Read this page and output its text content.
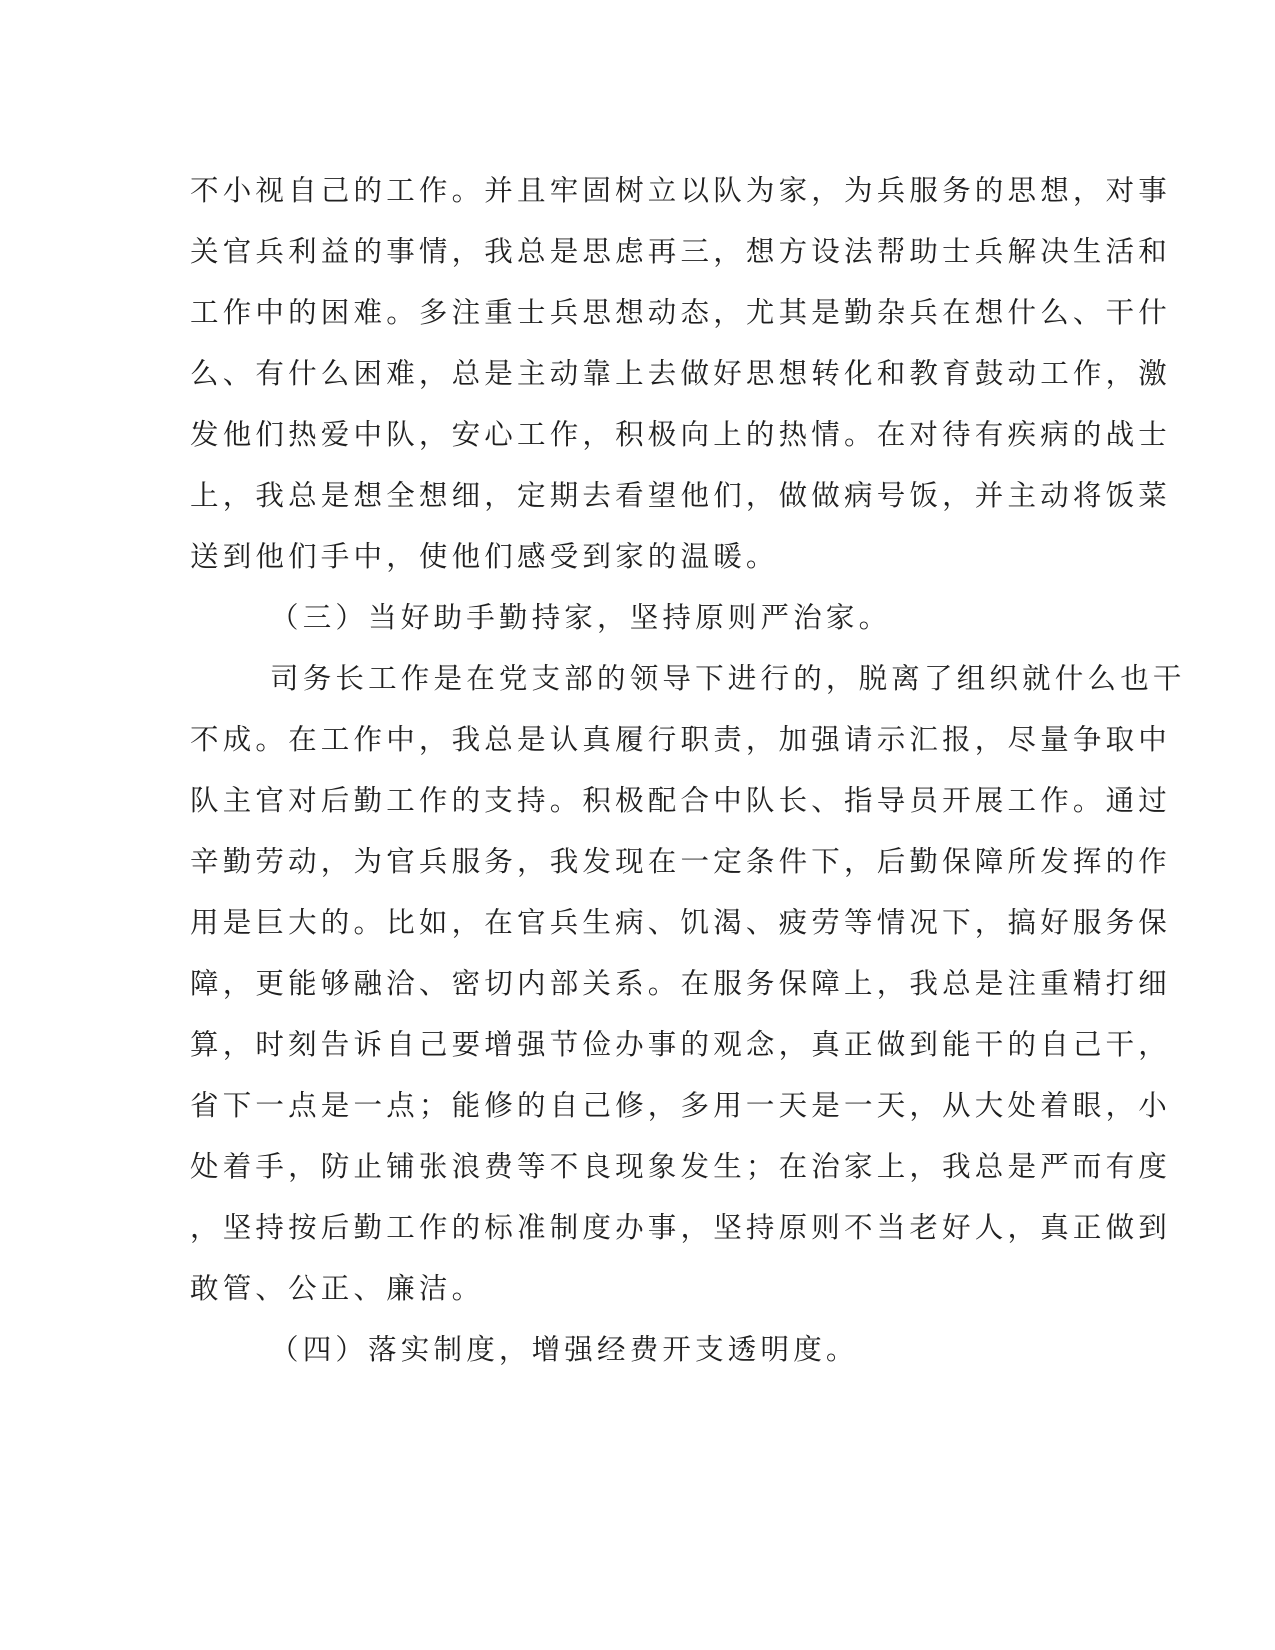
不小视自己的工作。并且牢固树立以队为家，为兵服务的思想，对事

关官兵利益的事情，我总是思虑再三，想方设法帮助士兵解决生活和

工作中的困难。多注重士兵思想动态，尤其是勤杂兵在想什么、干什

么、有什么困难，总是主动靠上去做好思想转化和教育鼓动工作，激

发他们热爱中队，安心工作，积极向上的热情。在对待有疾病的战士

上，我总是想全想细，定期去看望他们，做做病号饭，并主动将饭菜

送到他们手中，使他们感受到家的温暖。

（三）当好助手勤持家，坚持原则严治家。

司务长工作是在党支部的领导下进行的，脱离了组织就什么也干

不成。在工作中，我总是认真履行职责，加强请示汇报，尽量争取中

队主官对后勤工作的支持。积极配合中队长、指导员开展工作。通过

辛勤劳动，为官兵服务，我发现在一定条件下，后勤保障所发挥的作

用是巨大的。比如，在官兵生病、饥渴、疲劳等情况下，搞好服务保

障，更能够融洽、密切内部关系。在服务保障上，我总是注重精打细

算，时刻告诉自己要增强节俭办事的观念，真正做到能干的自己干，

省下一点是一点；能修的自己修，多用一天是一天，从大处着眼，小

处着手，防止铺张浪费等不良现象发生；在治家上，我总是严而有度

，坚持按后勤工作的标准制度办事，坚持原则不当老好人，真正做到

敢管、公正、廉洁。

（四）落实制度，增强经费开支透明度。
